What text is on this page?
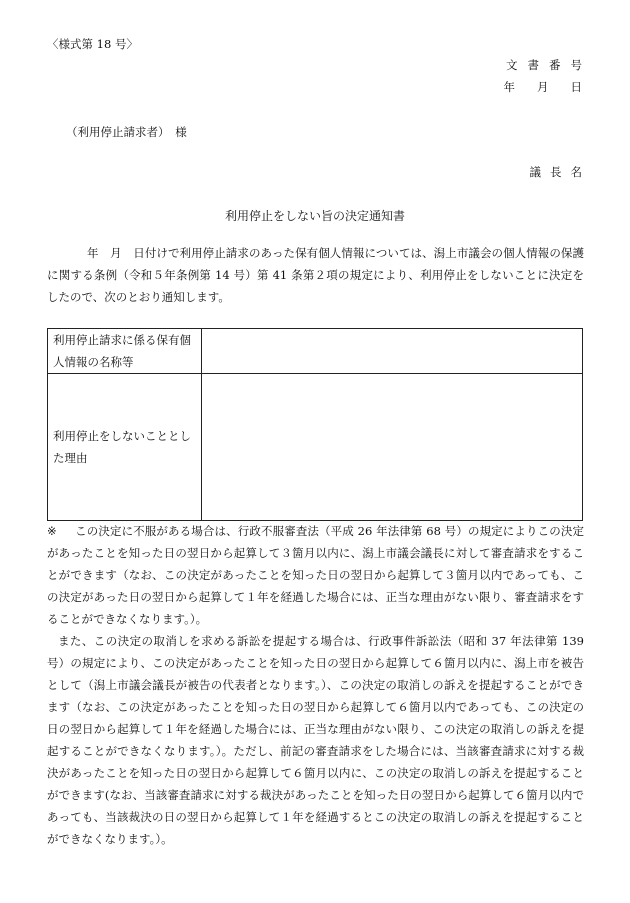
〈様式第 18 号〉
文書番号
年 月 日
（利用停止請求者）　様
議長名
利用停止をしない旨の決定通知書
年　月　日付けで利用停止請求のあった保有個人情報については、潟上市議会の個人情報の保護に関する条例（令和５年条例第 14 号）第 41 条第２項の規定により、利用停止をしないことに決定をしたので、次のとおり通知します。
利用停止請求に係る保有個人情報の名称等	
利用停止をしないこととした理由	

※ この決定に不服がある場合は、行政不服審査法（平成 26 年法律第 68 号）の規定によりこの決定があったことを知った日の翌日から起算して３箇月以内に、潟上市議会議長に対して審査請求をすることができます（なお、この決定があったことを知った日の翌日から起算して３箇月以内であっても、この決定があった日の翌日から起算して１年を経過した場合には、正当な理由がない限り、審査請求をすることができなくなります。）。

また、この決定の取消しを求める訴訟を提起する場合は、行政事件訴訟法（昭和 37 年法律第 139 号）の規定により、この決定があったことを知った日の翌日から起算して６箇月以内に、潟上市を被告として（潟上市議会議長が被告の代表者となります。）、この決定の取消しの訴えを提起することができます（なお、この決定があったことを知った日の翌日から起算して６箇月以内であっても、この決定の日の翌日から起算して１年を経過した場合には、正当な理由がない限り、この決定の取消しの訴えを提起することができなくなります。）。ただし、前記の審査請求をした場合には、当該審査請求に対する裁決があったことを知った日の翌日から起算して６箇月以内に、この決定の取消しの訴えを提起することができます(なお、当該審査請求に対する裁決があったことを知った日の翌日から起算して６箇月以内であっても、当該裁決の日の翌日から起算して１年を経過するとこの決定の取消しの訴えを提起することができなくなります。）。
